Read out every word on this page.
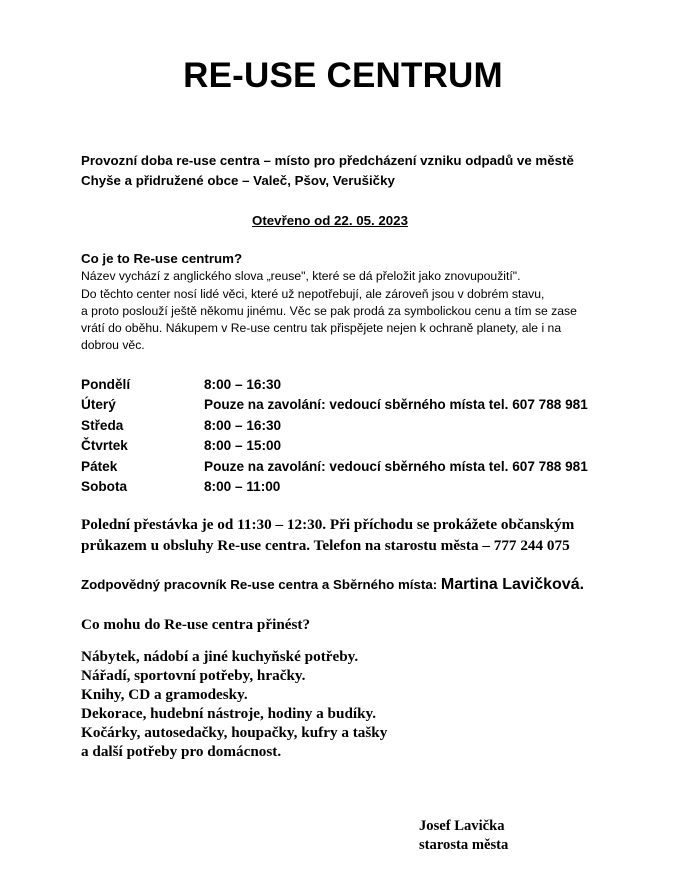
RE-USE CENTRUM
Provozní doba re-use centra – místo pro předcházení vzniku odpadů ve městě
Chyše a přidružené obce – Valeč, Pšov, Verušičky
Otevřeno od 22. 05. 2023
Co je to Re-use centrum?
Název vychází z anglického slova „reuse", které se dá přeložit jako znovupoužití".
Do těchto center nosí lidé věci, které už nepotřebují, ale zároveň jsou v dobrém stavu,
a proto poslouží ještě někomu jinému. Věc se pak prodá za symbolickou cenu a tím se zase
vrátí do oběhu. Nákupem v Re-use centru tak přispějete nejen k ochraně planety, ale i na
dobrou věc.
Pondělí	8:00 – 16:30
Úterý	Pouze na zavolání: vedoucí sběrného místa tel. 607 788 981
Středa	8:00 – 16:30
Čtvrtek	8:00 – 15:00
Pátek	Pouze na zavolání: vedoucí sběrného místa tel. 607 788 981
Sobota	8:00 – 11:00
Polední přestávka je od 11:30 – 12:30. Při příchodu se prokážete občanským
průkazem u obsluhy Re-use centra. Telefon na starostu města – 777 244 075
Zodpovědný pracovník Re-use centra a Sběrného místa: Martina Lavičková.
Co mohu do Re-use centra přinést?
Nábytek, nádobí a jiné kuchyňské potřeby.
Nářadí, sportovní potřeby, hračky.
Knihy, CD a gramodesky.
Dekorace, hudební nástroje, hodiny a budíky.
Kočárky, autosedačky, houpačky, kufry a tašky
a další potřeby pro domácnost.
Josef Lavička
starosta města
